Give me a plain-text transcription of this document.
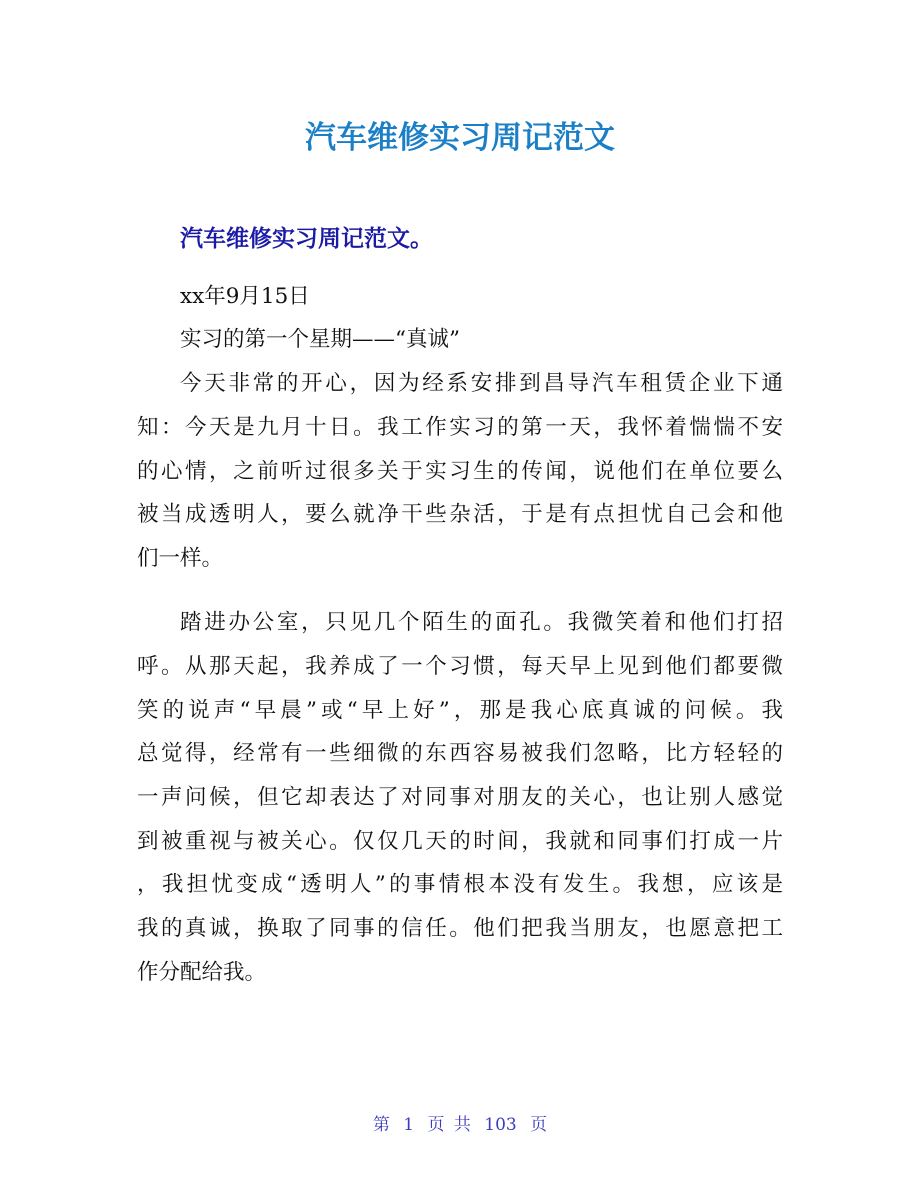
汽车维修实习周记范文
汽车维修实习周记范文。

xx年9月15日

实习的第一个星期——“真诚”

今天非常的开心，因为经系安排到昌导汽车租赁企业下通

知：今天是九月十日。我工作实习的第一天，我怀着惴惴不安

的心情，之前听过很多关于实习生的传闻，说他们在单位要么

被当成透明人，要么就净干些杂活，于是有点担忧自己会和他

们一样。

踏进办公室，只见几个陌生的面孔。我微笑着和他们打招

呼。从那天起，我养成了一个习惯，每天早上见到他们都要微

笑的说声“早晨”或“早上好”，那是我心底真诚的问候。我

总觉得，经常有一些细微的东西容易被我们忽略，比方轻轻的

一声问候，但它却表达了对同事对朋友的关心，也让别人感觉

到被重视与被关心。仅仅几天的时间，我就和同事们打成一片

，我担忧变成“透明人”的事情根本没有发生。我想，应该是

我的真诚，换取了同事的信任。他们把我当朋友，也愿意把工

作分配给我。

第 1 页 共 103 页
